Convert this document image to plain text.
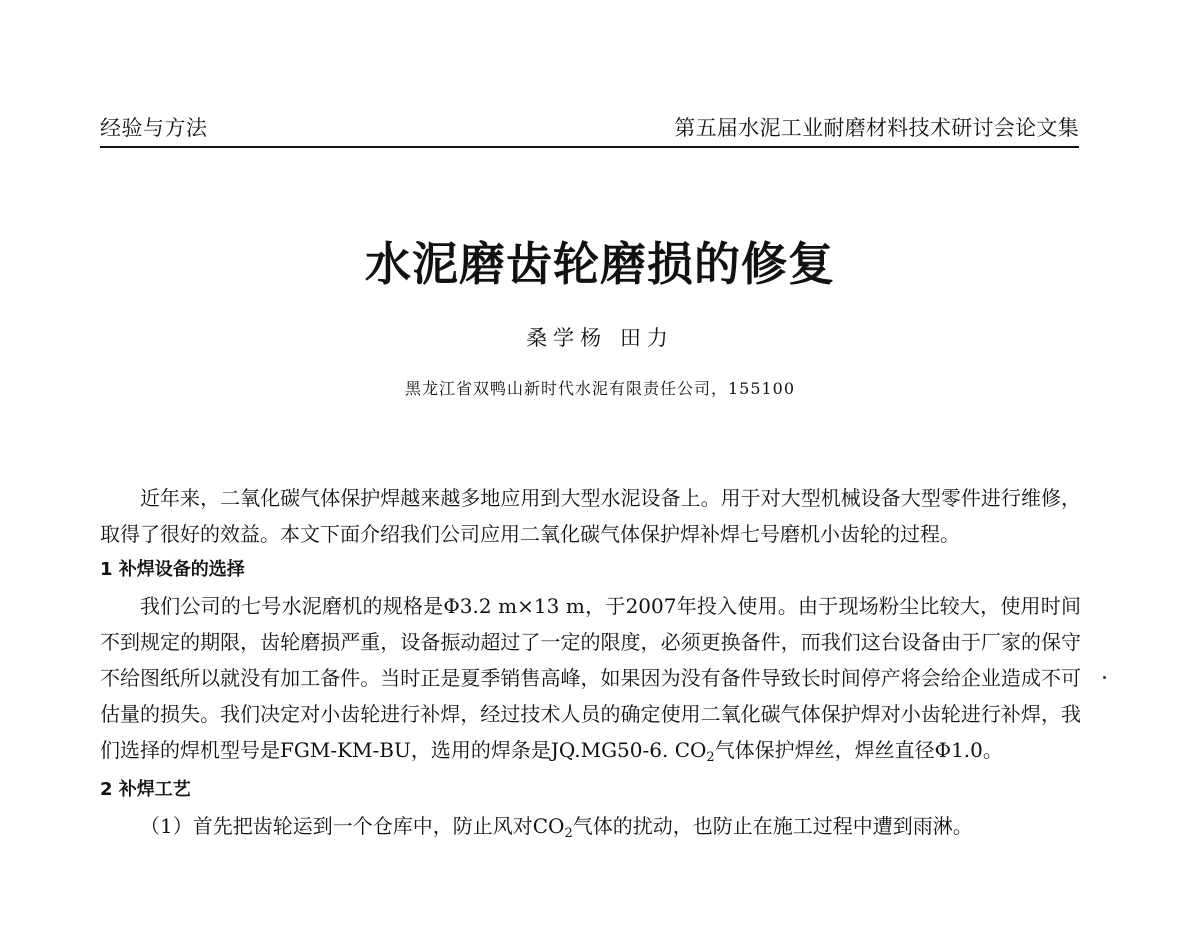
经验与方法	第五届水泥工业耐磨材料技术研讨会论文集
水泥磨齿轮磨损的修复
桑学杨 田力
黑龙江省双鸭山新时代水泥有限责任公司，155100

近年来，二氧化碳气体保护焊越来越多地应用到大型水泥设备上。用于对大型机械设备大型零件进行维修，取得了很好的效益。本文下面介绍我们公司应用二氧化碳气体保护焊补焊七号磨机小齿轮的过程。

1 补焊设备的选择

我们公司的七号水泥磨机的规格是Φ3.2 m×13 m，于2007年投入使用。由于现场粉尘比较大，使用时间不到规定的期限，齿轮磨损严重，设备振动超过了一定的限度，必须更换备件，而我们这台设备由于厂家的保守不给图纸所以就没有加工备件。当时正是夏季销售高峰，如果因为没有备件导致长时间停产将会给企业造成不可估量的损失。我们决定对小齿轮进行补焊，经过技术人员的确定使用二氧化碳气体保护焊对小齿轮进行补焊，我们选择的焊机型号是FGM-KM-BU，选用的焊条是JQ.MG50-6. $CO_2$气体保护焊丝，焊丝直径Φ1.0。

2 补焊工艺

（1）首先把齿轮运到一个仓库中，防止风对$CO_2$气体的扰动，也防止在施工过程中遭到雨淋。
